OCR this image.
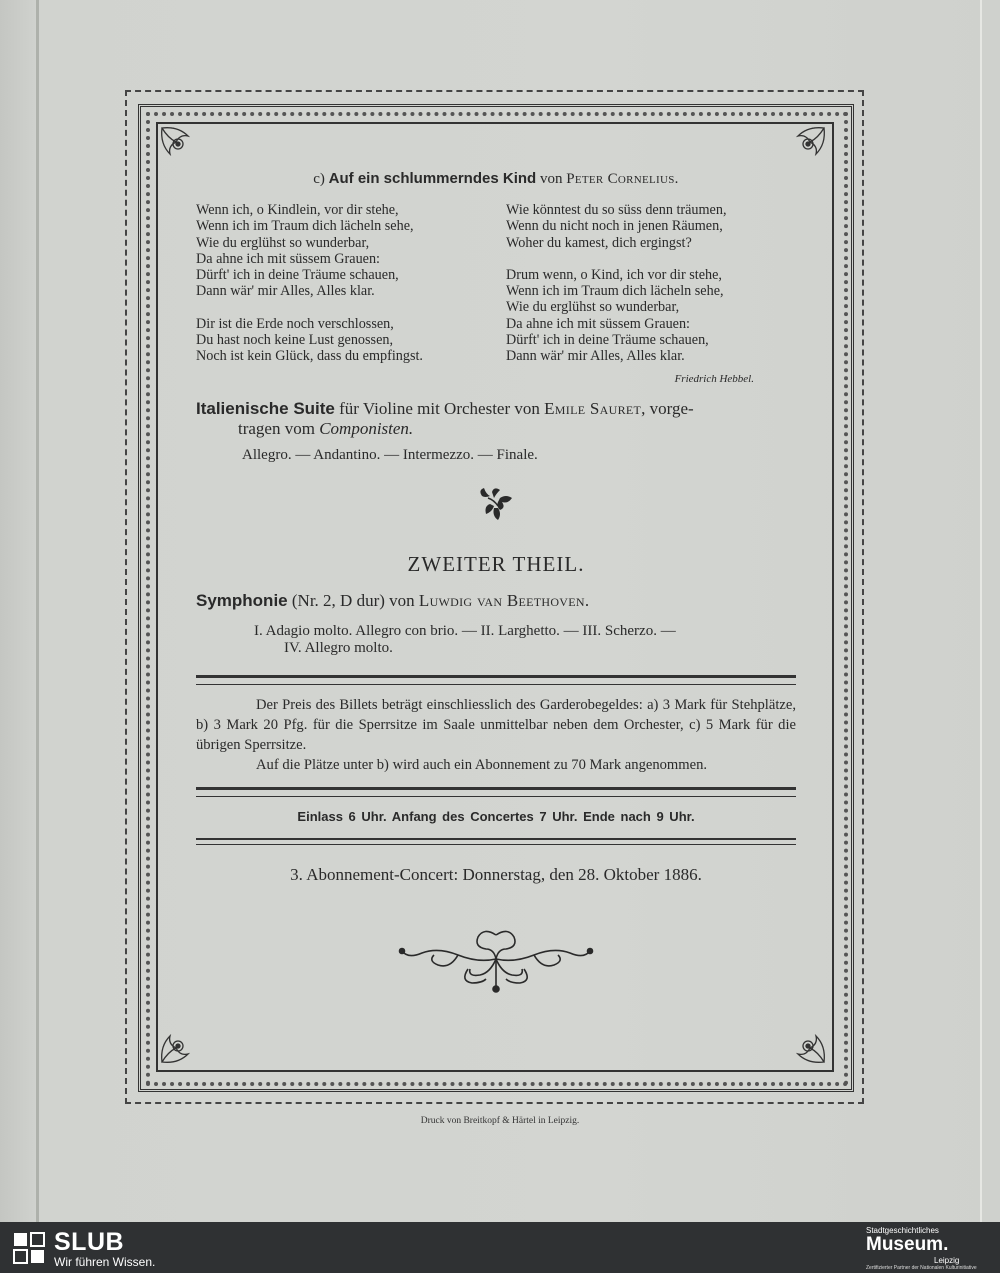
c) Auf ein schlummerndes Kind von Peter Cornelius.
Wenn ich, o Kindlein, vor dir stehe,
Wenn ich im Traum dich lächeln sehe,
Wie du erglühst so wunderbar,
Da ahne ich mit süssem Grauen:
Dürft' ich in deine Träume schauen,
Dann wär' mir Alles, Alles klar.
Dir ist die Erde noch verschlossen,
Du hast noch keine Lust genossen,
Noch ist kein Glück, dass du empfingst.
Wie könntest du so süss denn träumen,
Wenn du nicht noch in jenen Räumen,
Woher du kamest, dich ergingst?
Drum wenn, o Kind, ich vor dir stehe,
Wenn ich im Traum dich lächeln sehe,
Wie du erglühst so wunderbar,
Da ahne ich mit süssem Grauen:
Dürft' ich in deine Träume schauen,
Dann wär' mir Alles, Alles klar.
Friedrich Hebbel.
Italienische Suite für Violine mit Orchester von Emile Sauret, vorge-
tragen vom Componisten.
Allegro. — Andantino. — Intermezzo. — Finale.
ZWEITER THEIL.
Symphonie (Nr. 2, D dur) von Luwdig van Beethoven.
I. Adagio molto. Allegro con brio. — II. Larghetto. — III. Scherzo. —
IV. Allegro molto.

Der Preis des Billets beträgt einschliesslich des Garderobegeldes: a) 3 Mark für Stehplätze, b) 3 Mark 20 Pfg. für die Sperrsitze im Saale unmittelbar neben dem Orchester, c) 5 Mark für die übrigen Sperrsitze.

Auf die Plätze unter b) wird auch ein Abonnement zu 70 Mark angenommen.

Einlass 6 Uhr. Anfang des Concertes 7 Uhr. Ende nach 9 Uhr.
3. Abonnement-Concert: Donnerstag, den 28. Oktober 1886.
Druck von Breitkopf & Härtel in Leipzig.
SLUB
Wir führen Wissen.
Stadtgeschichtliches
Museum.
Leipzig
Zertifizierter Partner der Nationalen Kulturinitiative
